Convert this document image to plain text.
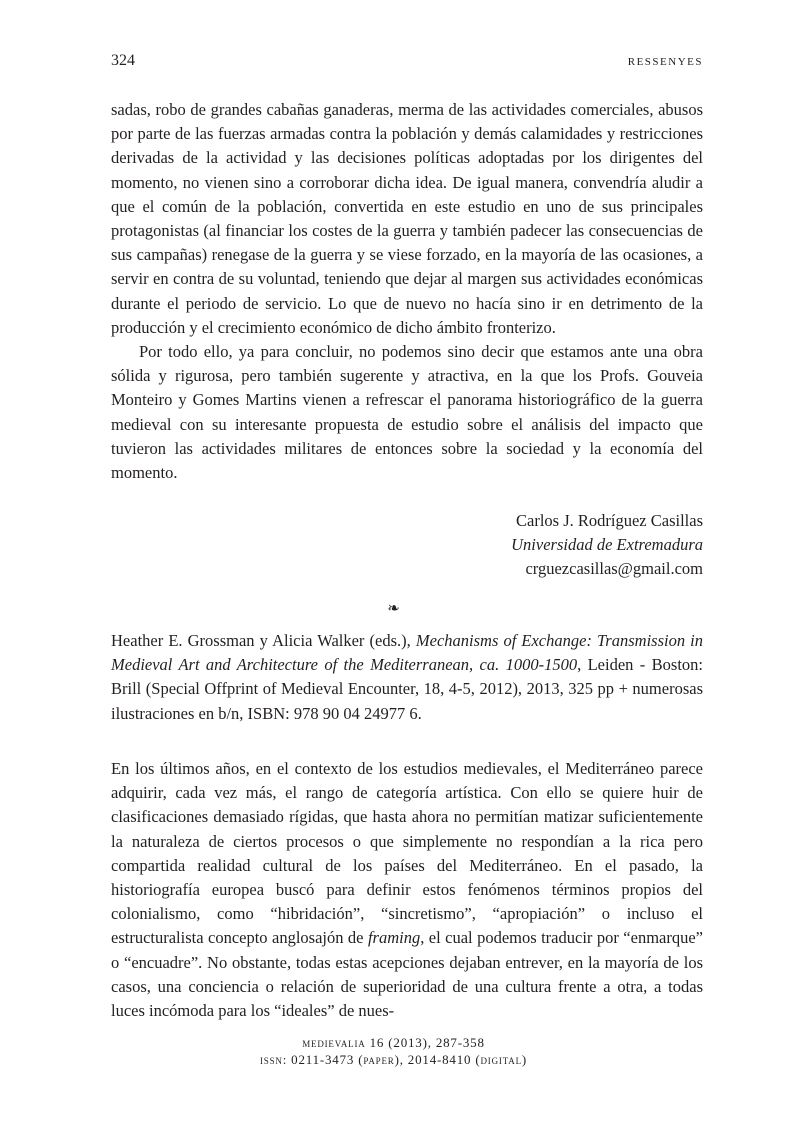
324	RESSENYES

sadas, robo de grandes cabañas ganaderas, merma de las actividades comerciales, abusos por parte de las fuerzas armadas contra la población y demás calamidades y restricciones derivadas de la actividad y las decisiones políticas adoptadas por los dirigentes del momento, no vienen sino a corroborar dicha idea. De igual manera, convendría aludir a que el común de la población, convertida en este estudio en uno de sus principales protagonistas (al financiar los costes de la guerra y también padecer las consecuencias de sus campañas) renegase de la guerra y se viese forzado, en la mayoría de las ocasiones, a servir en contra de su voluntad, teniendo que dejar al margen sus actividades económicas durante el periodo de servicio. Lo que de nuevo no hacía sino ir en detrimento de la producción y el crecimiento económico de dicho ámbito fronterizo.

Por todo ello, ya para concluir, no podemos sino decir que estamos ante una obra sólida y rigurosa, pero también sugerente y atractiva, en la que los Profs. Gouveia Monteiro y Gomes Martins vienen a refrescar el panorama historiográfico de la guerra medieval con su interesante propuesta de estudio sobre el análisis del impacto que tuvieron las actividades militares de entonces sobre la sociedad y la economía del momento.

Carlos J. Rodríguez Casillas
Universidad de Extremadura
crguezcasillas@gmail.com
❧

Heather E. Grossman y Alicia Walker (eds.), Mechanisms of Exchange: Transmission in Medieval Art and Architecture of the Mediterranean, ca. 1000-1500, Leiden - Boston: Brill (Special Offprint of Medieval Encounter, 18, 4-5, 2012), 2013, 325 pp + numerosas ilustraciones en b/n, ISBN: 978 90 04 24977 6.

En los últimos años, en el contexto de los estudios medievales, el Mediterráneo parece adquirir, cada vez más, el rango de categoría artística. Con ello se quiere huir de clasificaciones demasiado rígidas, que hasta ahora no permitían matizar suficientemente la naturaleza de ciertos procesos o que simplemente no respondían a la rica pero compartida realidad cultural de los países del Mediterráneo. En el pasado, la historiografía europea buscó para definir estos fenómenos términos propios del colonialismo, como “hibridación”, “sincretismo”, “apropiación” o incluso el estructuralista concepto anglosajón de framing, el cual podemos traducir por “enmarque” o “encuadre”. No obstante, todas estas acepciones dejaban entrever, en la mayoría de los casos, una conciencia o relación de superioridad de una cultura frente a otra, a todas luces incómoda para los “ideales” de nues-

medievalia 16 (2013), 287-358
issn: 0211-3473 (paper), 2014-8410 (digital)
